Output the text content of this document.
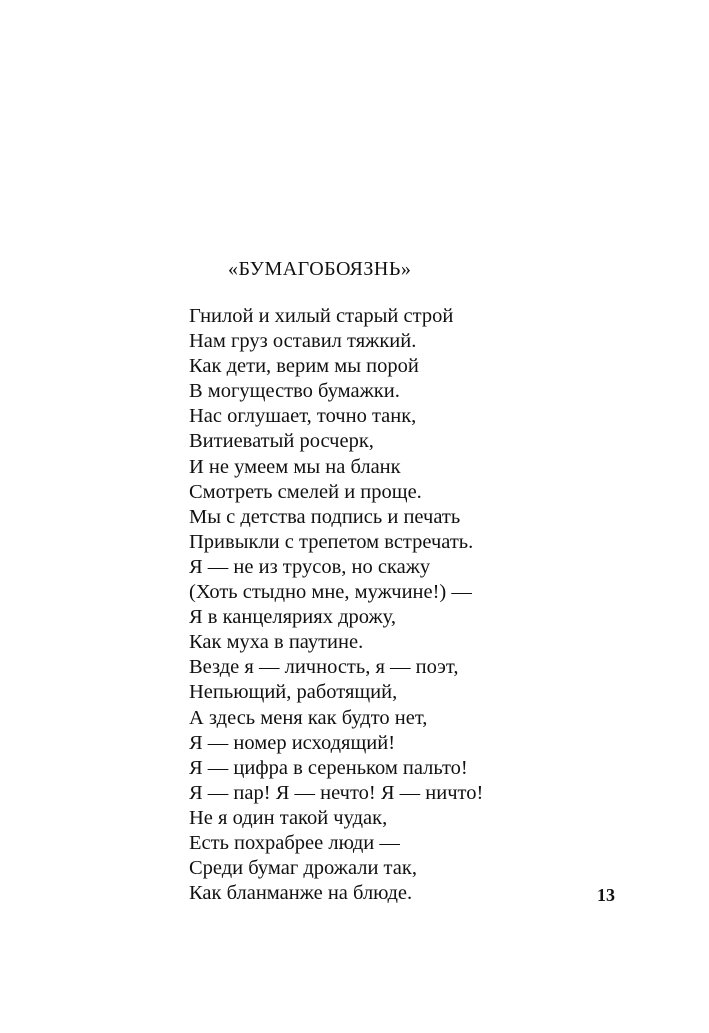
«БУМАГОБОЯЗНЬ»
Гнилой и хилый старый строй
Нам груз оставил тяжкий.
Как дети, верим мы порой
В могущество бумажки.
Нас оглушает, точно танк,
Витиеватый росчерк,
И не умеем мы на бланк
Смотреть смелей и проще.
Мы с детства подпись и печать
Привыкли с трепетом встречать.
Я — не из трусов, но скажу
(Хоть стыдно мне, мужчине!) —
Я в канцеляриях дрожу,
Как муха в паутине.
Везде я — личность, я — поэт,
Непьющий, работящий,
А здесь меня как будто нет,
Я — номер исходящий!
Я — цифра в сереньком пальто!
Я — пар! Я — нечто! Я — ничто!
Не я один такой чудак,
Есть похрабрее люди —
Среди бумаг дрожали так,
Как бланманже на блюде.	13
